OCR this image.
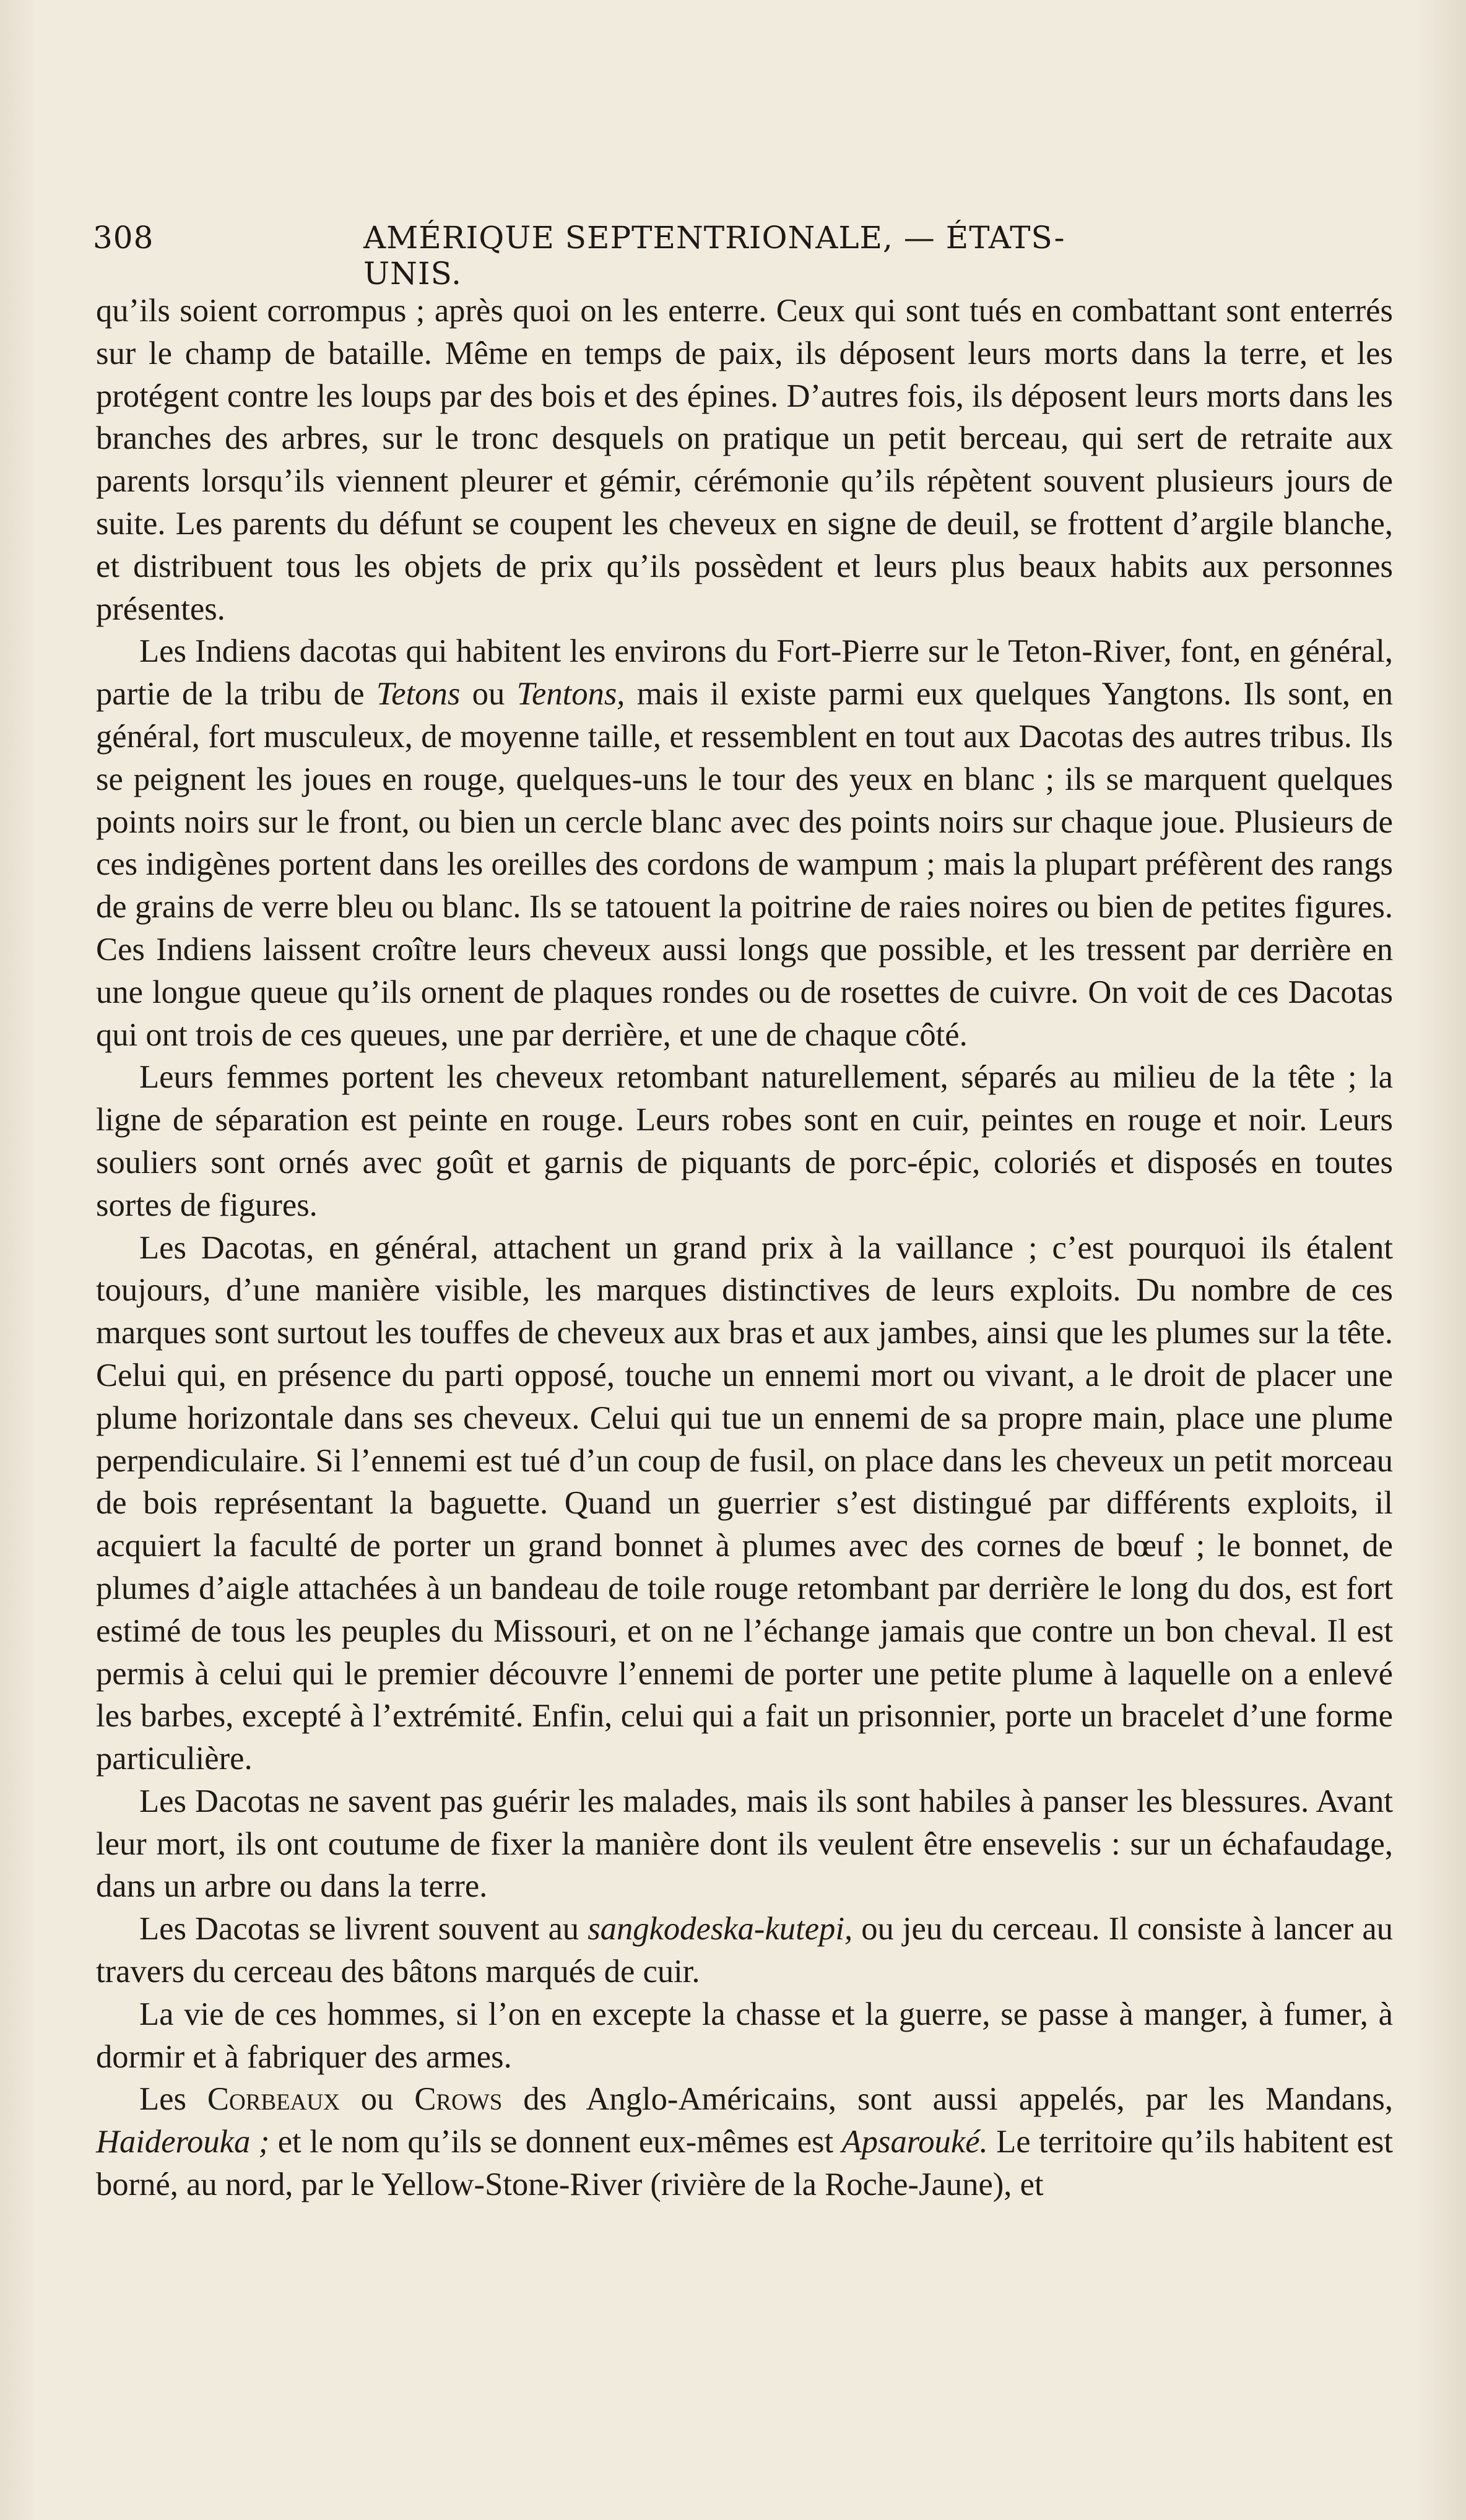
308	AMÉRIQUE SEPTENTRIONALE, — ÉTATS-UNIS.

qu’ils soient corrompus ; après quoi on les enterre. Ceux qui sont tués en combattant sont enterrés sur le champ de bataille. Même en temps de paix, ils déposent leurs morts dans la terre, et les protégent contre les loups par des bois et des épines. D’autres fois, ils déposent leurs morts dans les branches des arbres, sur le tronc desquels on pratique un petit berceau, qui sert de retraite aux parents lorsqu’ils viennent pleurer et gémir, cérémonie qu’ils répètent souvent plusieurs jours de suite. Les parents du défunt se coupent les cheveux en signe de deuil, se frottent d’argile blanche, et distribuent tous les objets de prix qu’ils possèdent et leurs plus beaux habits aux personnes présentes.

Les Indiens dacotas qui habitent les environs du Fort-Pierre sur le Teton-River, font, en général, partie de la tribu de Tetons ou Tentons, mais il existe parmi eux quelques Yangtons. Ils sont, en général, fort musculeux, de moyenne taille, et ressemblent en tout aux Dacotas des autres tribus. Ils se peignent les joues en rouge, quelques-uns le tour des yeux en blanc ; ils se marquent quelques points noirs sur le front, ou bien un cercle blanc avec des points noirs sur chaque joue. Plusieurs de ces indigènes portent dans les oreilles des cordons de wampum ; mais la plupart préfèrent des rangs de grains de verre bleu ou blanc. Ils se tatouent la poitrine de raies noires ou bien de petites figures. Ces Indiens laissent croître leurs cheveux aussi longs que possible, et les tressent par derrière en une longue queue qu’ils ornent de plaques rondes ou de rosettes de cuivre. On voit de ces Dacotas qui ont trois de ces queues, une par derrière, et une de chaque côté.

Leurs femmes portent les cheveux retombant naturellement, séparés au milieu de la tête ; la ligne de séparation est peinte en rouge. Leurs robes sont en cuir, peintes en rouge et noir. Leurs souliers sont ornés avec goût et garnis de piquants de porc-épic, coloriés et disposés en toutes sortes de figures.

Les Dacotas, en général, attachent un grand prix à la vaillance ; c’est pourquoi ils étalent toujours, d’une manière visible, les marques distinctives de leurs exploits. Du nombre de ces marques sont surtout les touffes de cheveux aux bras et aux jambes, ainsi que les plumes sur la tête. Celui qui, en présence du parti opposé, touche un ennemi mort ou vivant, a le droit de placer une plume horizontale dans ses cheveux. Celui qui tue un ennemi de sa propre main, place une plume perpendiculaire. Si l’ennemi est tué d’un coup de fusil, on place dans les cheveux un petit morceau de bois représentant la baguette. Quand un guerrier s’est distingué par différents exploits, il acquiert la faculté de porter un grand bonnet à plumes avec des cornes de bœuf ; le bonnet, de plumes d’aigle attachées à un bandeau de toile rouge retombant par derrière le long du dos, est fort estimé de tous les peuples du Missouri, et on ne l’échange jamais que contre un bon cheval. Il est permis à celui qui le premier découvre l’ennemi de porter une petite plume à laquelle on a enlevé les barbes, excepté à l’extrémité. Enfin, celui qui a fait un prisonnier, porte un bracelet d’une forme particulière.

Les Dacotas ne savent pas guérir les malades, mais ils sont habiles à panser les blessures. Avant leur mort, ils ont coutume de fixer la manière dont ils veulent être ensevelis : sur un échafaudage, dans un arbre ou dans la terre.

Les Dacotas se livrent souvent au sangkodeska-kutepi, ou jeu du cerceau. Il consiste à lancer au travers du cerceau des bâtons marqués de cuir.

La vie de ces hommes, si l’on en excepte la chasse et la guerre, se passe à manger, à fumer, à dormir et à fabriquer des armes.

Les Corbeaux ou Crows des Anglo-Américains, sont aussi appelés, par les Mandans, Haiderouka ; et le nom qu’ils se donnent eux-mêmes est Apsarouké. Le territoire qu’ils habitent est borné, au nord, par le Yellow-Stone-River (rivière de la Roche-Jaune), et
